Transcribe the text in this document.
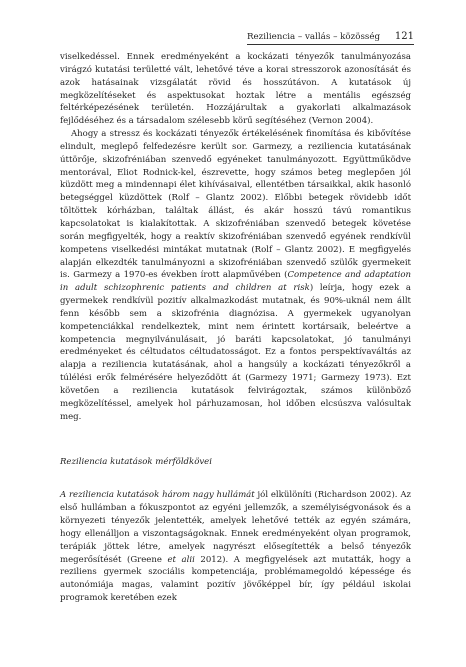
Reziliencia – vallás – közösség 121

viselkedéssel. Ennek eredményeként a kockázati tényezők tanulmányozása virágzó kutatási területté vált, lehetővé téve a korai stresszorok azonosítását és azok hatásainak vizsgálatát rövid és hosszútávon. A kutatások új megközelítéseket és aspektusokat hoztak létre a mentális egészség feltérképezésének területén. Hozzájárultak a gyakorlati alkalmazások fejlődéséhez és a társadalom szélesebb körű segítéséhez (Vernon 2004).

Ahogy a stressz és kockázati tényezők értékelésének finomítása és kibővítése elindult, meglepő felfedezésre került sor. Garmezy, a reziliencia kutatásának úttörője, skizofréniában szenvedő egyéneket tanulmányozott. Együttműködve mentorával, Eliot Rodnick-kel, észrevette, hogy számos beteg meglepően jól küzdött meg a mindennapi élet kihívásaival, ellentétben társaikkal, akik hasonló betegséggel küzdöttek (Rolf – Glantz 2002). Előbbi betegek rövidebb időt töltöttek kórházban, találtak állást, és akár hosszú távú romantikus kapcsolatokat is kialakítottak. A skizofréniában szenvedő betegek követése során megfigyelték, hogy a reaktív skizofréniában szenvedő egyének rendkívül kompetens viselkedési mintákat mutatnak (Rolf – Glantz 2002). E megfigyelés alapján elkezdték tanulmányozni a skizofréniában szenvedő szülők gyermekeit is. Garmezy a 1970-es években írott alapművében (Competence and adaptation in adult schizophrenic patients and children at risk) leírja, hogy ezek a gyermekek rendkívül pozitív alkalmazkodást mutatnak, és 90%-uknál nem állt fenn később sem a skizofrénia diagnózisa. A gyermekek ugyanolyan kompetenciákkal rendelkeztek, mint nem érintett kortársaik, beleértve a kompetencia megnyilvánulásait, jó baráti kapcsolatokat, jó tanulmányi eredményeket és céltudatos céltudatosságot. Ez a fontos perspektívaváltás az alapja a reziliencia kutatásának, ahol a hangsúly a kockázati tényezőkről a túlélési erők felmérésére helyeződött át (Garmezy 1971; Garmezy 1973). Ezt követően a reziliencia kutatások felvirágoztak, számos különböző megközelítéssel, amelyek hol párhuzamosan, hol időben elcsúszva valósultak meg.

Reziliencia kutatások mérföldkövei

A reziliencia kutatások három nagy hullámát jól elkülöníti (Richardson 2002). Az első hullámban a fókuszpontot az egyéni jellemzők, a személyiségvonások és a környezeti tényezők jelentették, amelyek lehetővé tették az egyén számára, hogy ellenálljon a viszontagságoknak. Ennek eredményeként olyan programok, terápiák jöttek létre, amelyek nagyrészt elősegítették a belső tényezők megerősítését (Greene et alii 2012). A megfigyelések azt mutatták, hogy a reziliens gyermek szociális kompetenciája, problémamegoldó képessége és autonómiája magas, valamint pozitív jövőképpel bír, így például iskolai programok keretében ezek
